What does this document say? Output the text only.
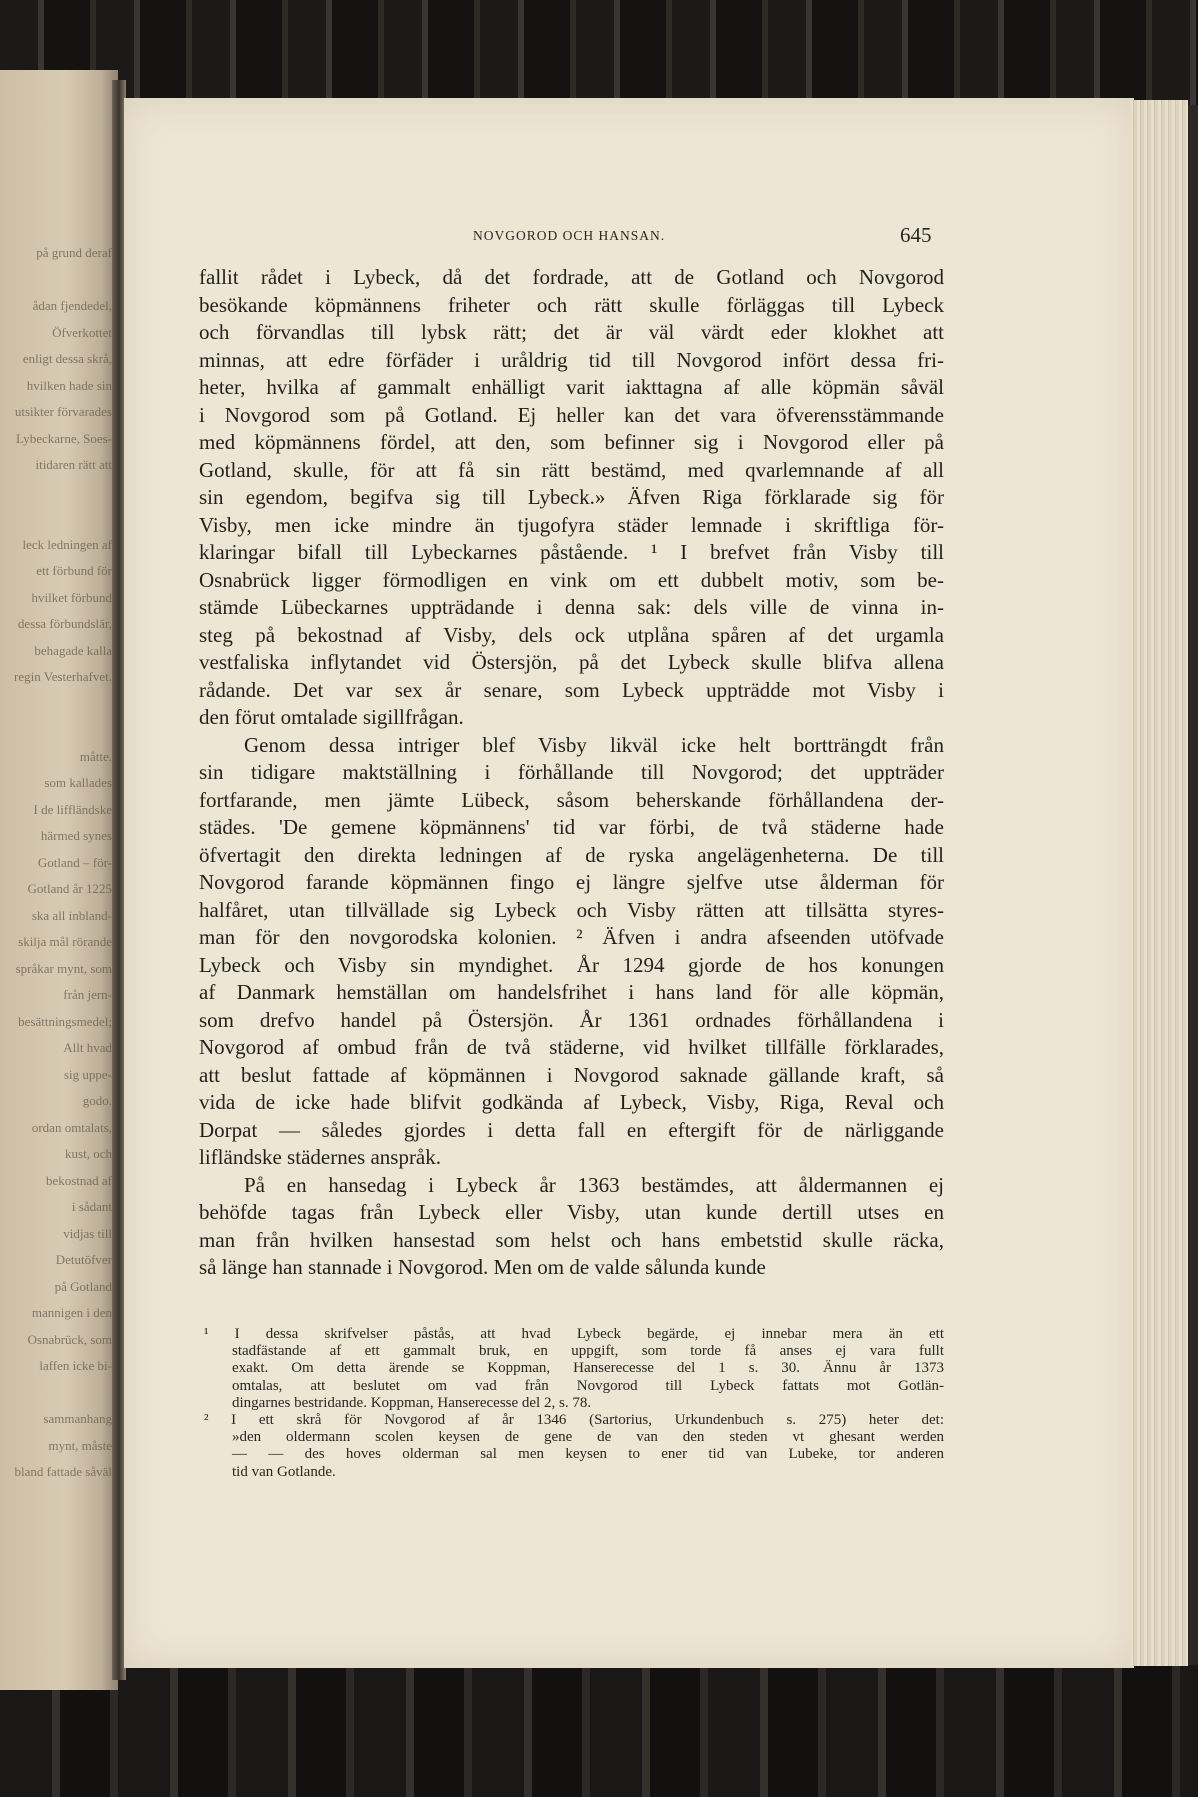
på grund deraf

ådan fjendedel,
Öfverkottet
enligt dessa skrå,
hvilken hade sin
utsikter förvarades
Lybeckarne, Soes-
itidaren rätt att

leck ledningen af
ett förbund för
hvilket förbund
dessa förbundslär,
behagade kalla
regin Vesterhafvet.

måtte.
som kallades
I de liffländske
härmed synes
Gotland – för-
Gotland år 1225
ska all inbland-
skilja mål rörande
språkar mynt, som
från jern-
besättningsmedel;
Allt hvad
sig uppe-
godo.
ordan omtalats,
kust, och
bekostnad af
i sådant
vidjas till
Detutöfver
på Gotland
mannigen i den
Osnabrück, som
laffen icke bi-

sammanhang
mynt, måste
bland fattade såväl
NOVGOROD OCH HANSAN.	645
fallit rådet i Lybeck, då det fordrade, att de Gotland och Novgorod
besökande köpmännens friheter och rätt skulle förläggas till Lybeck
och förvandlas till lybsk rätt; det är väl värdt eder klokhet att
minnas, att edre förfäder i uråldrig tid till Novgorod infört dessa fri-
heter, hvilka af gammalt enhälligt varit iakttagna af alle köpmän såväl
i Novgorod som på Gotland. Ej heller kan det vara öfverensstämmande
med köpmännens fördel, att den, som befinner sig i Novgorod eller på
Gotland, skulle, för att få sin rätt bestämd, med qvarlemnande af all
sin egendom, begifva sig till Lybeck.» Äfven Riga förklarade sig för
Visby, men icke mindre än tjugofyra städer lemnade i skriftliga för-
klaringar bifall till Lybeckarnes påstående. ¹ I brefvet från Visby till
Osnabrück ligger förmodligen en vink om ett dubbelt motiv, som be-
stämde Lübeckarnes uppträdande i denna sak: dels ville de vinna in-
steg på bekostnad af Visby, dels ock utplåna spåren af det urgamla
vestfaliska inflytandet vid Östersjön, på det Lybeck skulle blifva allena
rådande. Det var sex år senare, som Lybeck uppträdde mot Visby i
den förut omtalade sigillfrågan.
Genom dessa intriger blef Visby likväl icke helt bortträngdt från
sin tidigare maktställning i förhållande till Novgorod; det uppträder
fortfarande, men jämte Lübeck, såsom beherskande förhållandena der-
städes. 'De gemene köpmännens' tid var förbi, de två städerne hade
öfvertagit den direkta ledningen af de ryska angelägenheterna. De till
Novgorod farande köpmännen fingo ej längre sjelfve utse ålderman för
halfåret, utan tillvällade sig Lybeck och Visby rätten att tillsätta styres-
man för den novgorodska kolonien. ² Äfven i andra afseenden utöfvade
Lybeck och Visby sin myndighet. År 1294 gjorde de hos konungen
af Danmark hemställan om handelsfrihet i hans land för alle köpmän,
som drefvo handel på Östersjön. År 1361 ordnades förhållandena i
Novgorod af ombud från de två städerne, vid hvilket tillfälle förklarades,
att beslut fattade af köpmännen i Novgorod saknade gällande kraft, så
vida de icke hade blifvit godkända af Lybeck, Visby, Riga, Reval och
Dorpat — således gjordes i detta fall en eftergift för de närliggande
lifländske städernes anspråk.
På en hansedag i Lybeck år 1363 bestämdes, att åldermannen ej
behöfde tagas från Lybeck eller Visby, utan kunde dertill utses en
man från hvilken hansestad som helst och hans embetstid skulle räcka,
så länge han stannade i Novgorod. Men om de valde sålunda kunde
¹ I dessa skrifvelser påstås, att hvad Lybeck begärde, ej innebar mera än ett
stadfästande af ett gammalt bruk, en uppgift, som torde få anses ej vara fullt
exakt. Om detta ärende se Koppman, Hanserecesse del 1 s. 30. Ännu år 1373
omtalas, att beslutet om vad från Novgorod till Lybeck fattats mot Gotlän-
dingarnes bestridande. Koppman, Hanserecesse del 2, s. 78.
² I ett skrå för Novgorod af år 1346 (Sartorius, Urkundenbuch s. 275) heter det:
»den oldermann scolen keysen de gene de van den steden vt ghesant werden
— — des hoves olderman sal men keysen to ener tid van Lubeke, tor anderen
tid van Gotlande.
